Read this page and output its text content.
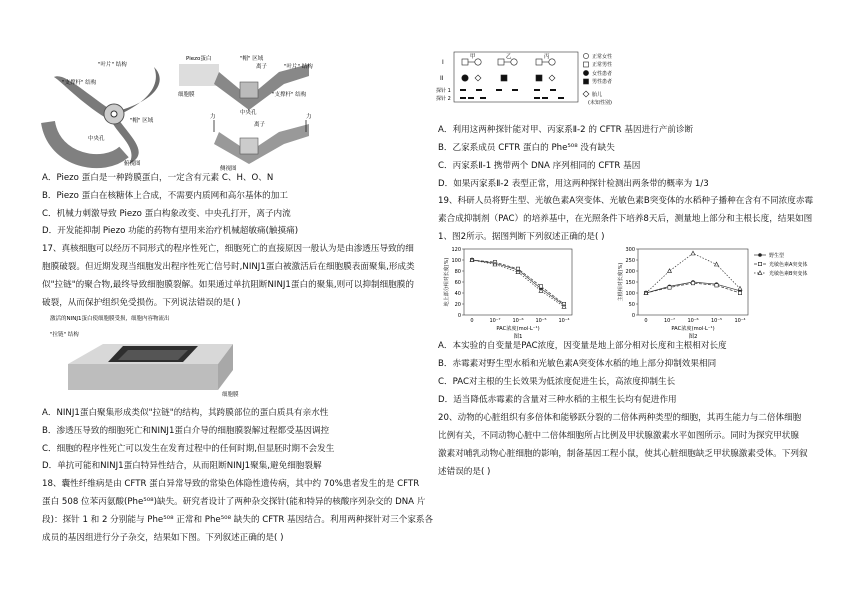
"叶片" 结构
"支撑杆" 结构
"帽" 区域
中央孔
俯视图
Piezo蛋白	"帽" 区域
离子	"叶片" 结构
"支撑杆" 结构
细胞膜
中央孔
力	力
离子
侧视图
A．Piezo 蛋白是一种跨膜蛋白，一定含有元素 C、H、O、N
B．Piezo 蛋白在核糖体上合成，不需要内质网和高尔基体的加工
C．机械力刺激导致 Piezo 蛋白构象改变、中央孔打开，离子内流
D．开发能抑制 Piezo 功能的药物有望用来治疗机械超敏痛(触摸痛)
17、真核细胞可以经历不同形式的程序性死亡，细胞死亡的直接原因一般认为是由渗透压导致的细
胞膜破裂。但近期发现当细胞发出程序性死亡信号时,NINJ1蛋白被激活后在细胞膜表面聚集,形成类
似"拉链"的聚合物,最终导致细胞膜裂解。如果通过单抗阻断NINJ1蛋白的聚集,则可以抑制细胞膜的
破裂，从而保护组织免受损伤。下列说法错误的是( )
激活的NINJ1蛋白使细胞膜受损，细胞内容物流出
"拉链" 结构
细胞膜
A．NINJ1蛋白聚集形成类似"拉链"的结构，其跨膜部位的蛋白质具有亲水性
B．渗透压导致的细胞死亡和NINJ1蛋白介导的细胞膜裂解过程都受基因调控
C．细胞的程序性死亡可以发生在发育过程中的任何时期,但显胚时期不会发生
D．单抗可能和NINJ1蛋白特异性结合，从而阻断NINJ1聚集,避免细胞裂解
18、囊性纤维病是由 CFTR 蛋白异常导致的常染色体隐性遗传病，其中约 70%患者发生的是 CFTR
蛋白 508 位苯丙氨酸(Phe⁵⁰⁸)缺失。研究者设计了两种杂交探针(能和特异的核酸序列杂交的 DNA 片
段)：探针 1 和 2 分别能与 Phe⁵⁰⁸ 正常和 Phe⁵⁰⁸ 缺失的 CFTR 基因结合。利用两种探针对三个家系各
成员的基因组进行分子杂交，结果如下图。下列叙述正确的是( )
I
II
甲	乙	丙
探针 1
探针 2
正常女性
正常男性
女性患者
男性患者
胎儿
(未知性别)
A．利用这两种探针能对甲、丙家系Ⅱ-2 的 CFTR 基因进行产前诊断
B．乙家系成员 CFTR 蛋白的 Phe⁵⁰⁸ 没有缺失
C．丙家系Ⅱ-1 携带两个 DNA 序列相同的 CFTR 基因
D．如果丙家系Ⅱ-2 表型正常，用这两种探针检测出两条带的概率为 1/3
19、科研人员将野生型、光敏色素A突变体、光敏色素B突变体的水稻种子播种在含有不同浓度赤霉
素合成抑制剂（PAC）的培养基中，在光照条件下培养8天后，测量地上部分和主根长度，结果如图
1、图2所示。据图判断下列叙述正确的是( )
0
20
40
60
80
100
120
0	10⁻⁷ 10⁻⁶ 10⁻⁵ 10⁻⁴
地上部分相对长度(%)
PAC浓度(mol·L⁻¹)
图1
0
50
100
150
200
250
300
0	10⁻⁷ 10⁻⁶ 10⁻⁵ 10⁻⁴
主根相对长度(%)
PAC浓度(mol·L⁻¹)
图2
野生型
光敏色素A突变体
光敏色素B突变体
A．本实验的自变量是PAC浓度，因变量是地上部分相对长度和主根相对长度
B．赤霉素对野生型水稻和光敏色素A突变体水稻的地上部分抑制效果相同
C．PAC对主根的生长效果为低浓度促进生长，高浓度抑制生长
D．适当降低赤霉素的含量对三种水稻的主根生长均有促进作用
20、动物的心脏组织有多倍体和能够跃分裂的二倍体两种类型的细胞，其再生能力与二倍体细胞
比例有关，不同动物心脏中二倍体细胞所占比例及甲状腺激素水平如图所示。同时为探究甲状腺
激素对哺乳动物心脏细胞的影响，制备基因工程小鼠，使其心脏细胞缺乏甲状腺激素受体。下列叙
述错误的是( )
